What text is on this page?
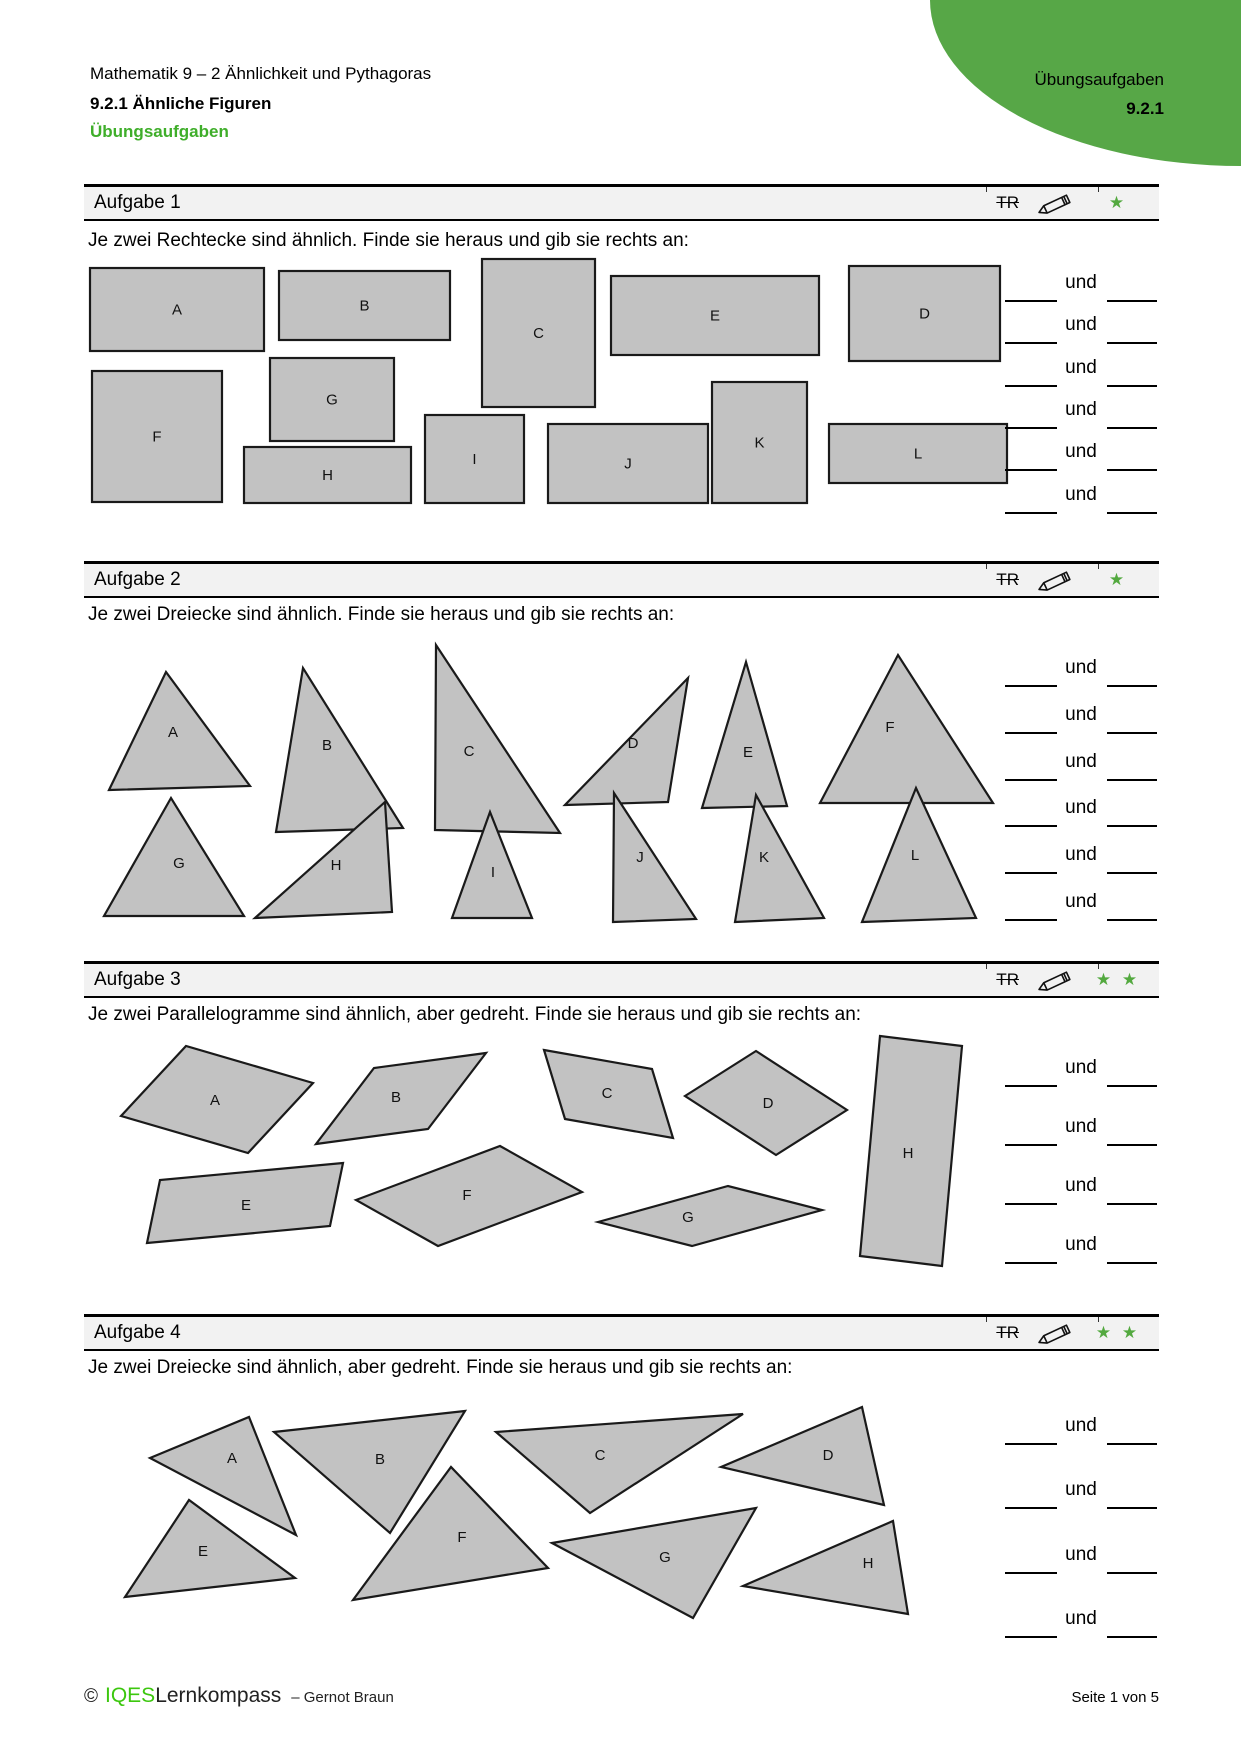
Übungsaufgaben
9.2.1
Mathematik 9 – 2 Ähnlichkeit und Pythagoras
9.2.1 Ähnliche Figuren
Übungsaufgaben
Aufgabe 1	TR	★
Aufgabe 2	TR	★
Aufgabe 3	TR	★ ★
Aufgabe 4	TR	★ ★
Je zwei Rechtecke sind ähnlich. Finde sie heraus und gib sie rechts an:
Je zwei Dreiecke sind ähnlich. Finde sie heraus und gib sie rechts an:
Je zwei Parallelogramme sind ähnlich, aber gedreht. Finde sie heraus und gib sie rechts an:
Je zwei Dreiecke sind ähnlich, aber gedreht. Finde sie heraus und gib sie rechts an:
A	B
C
E	D
F
G
H
I	J
K
L
und
und
und
und
und
und
A
B	C	D
E
F
G	H	I
J	K	L
und
und
und
und
und
und
A	B	C
D
H
E
F
G
und
und
und
und
A	B	C	D
E
F
G	H
und
und
und
und
© IQES Lernkompass – Gernot Braun	Seite 1 von 5
